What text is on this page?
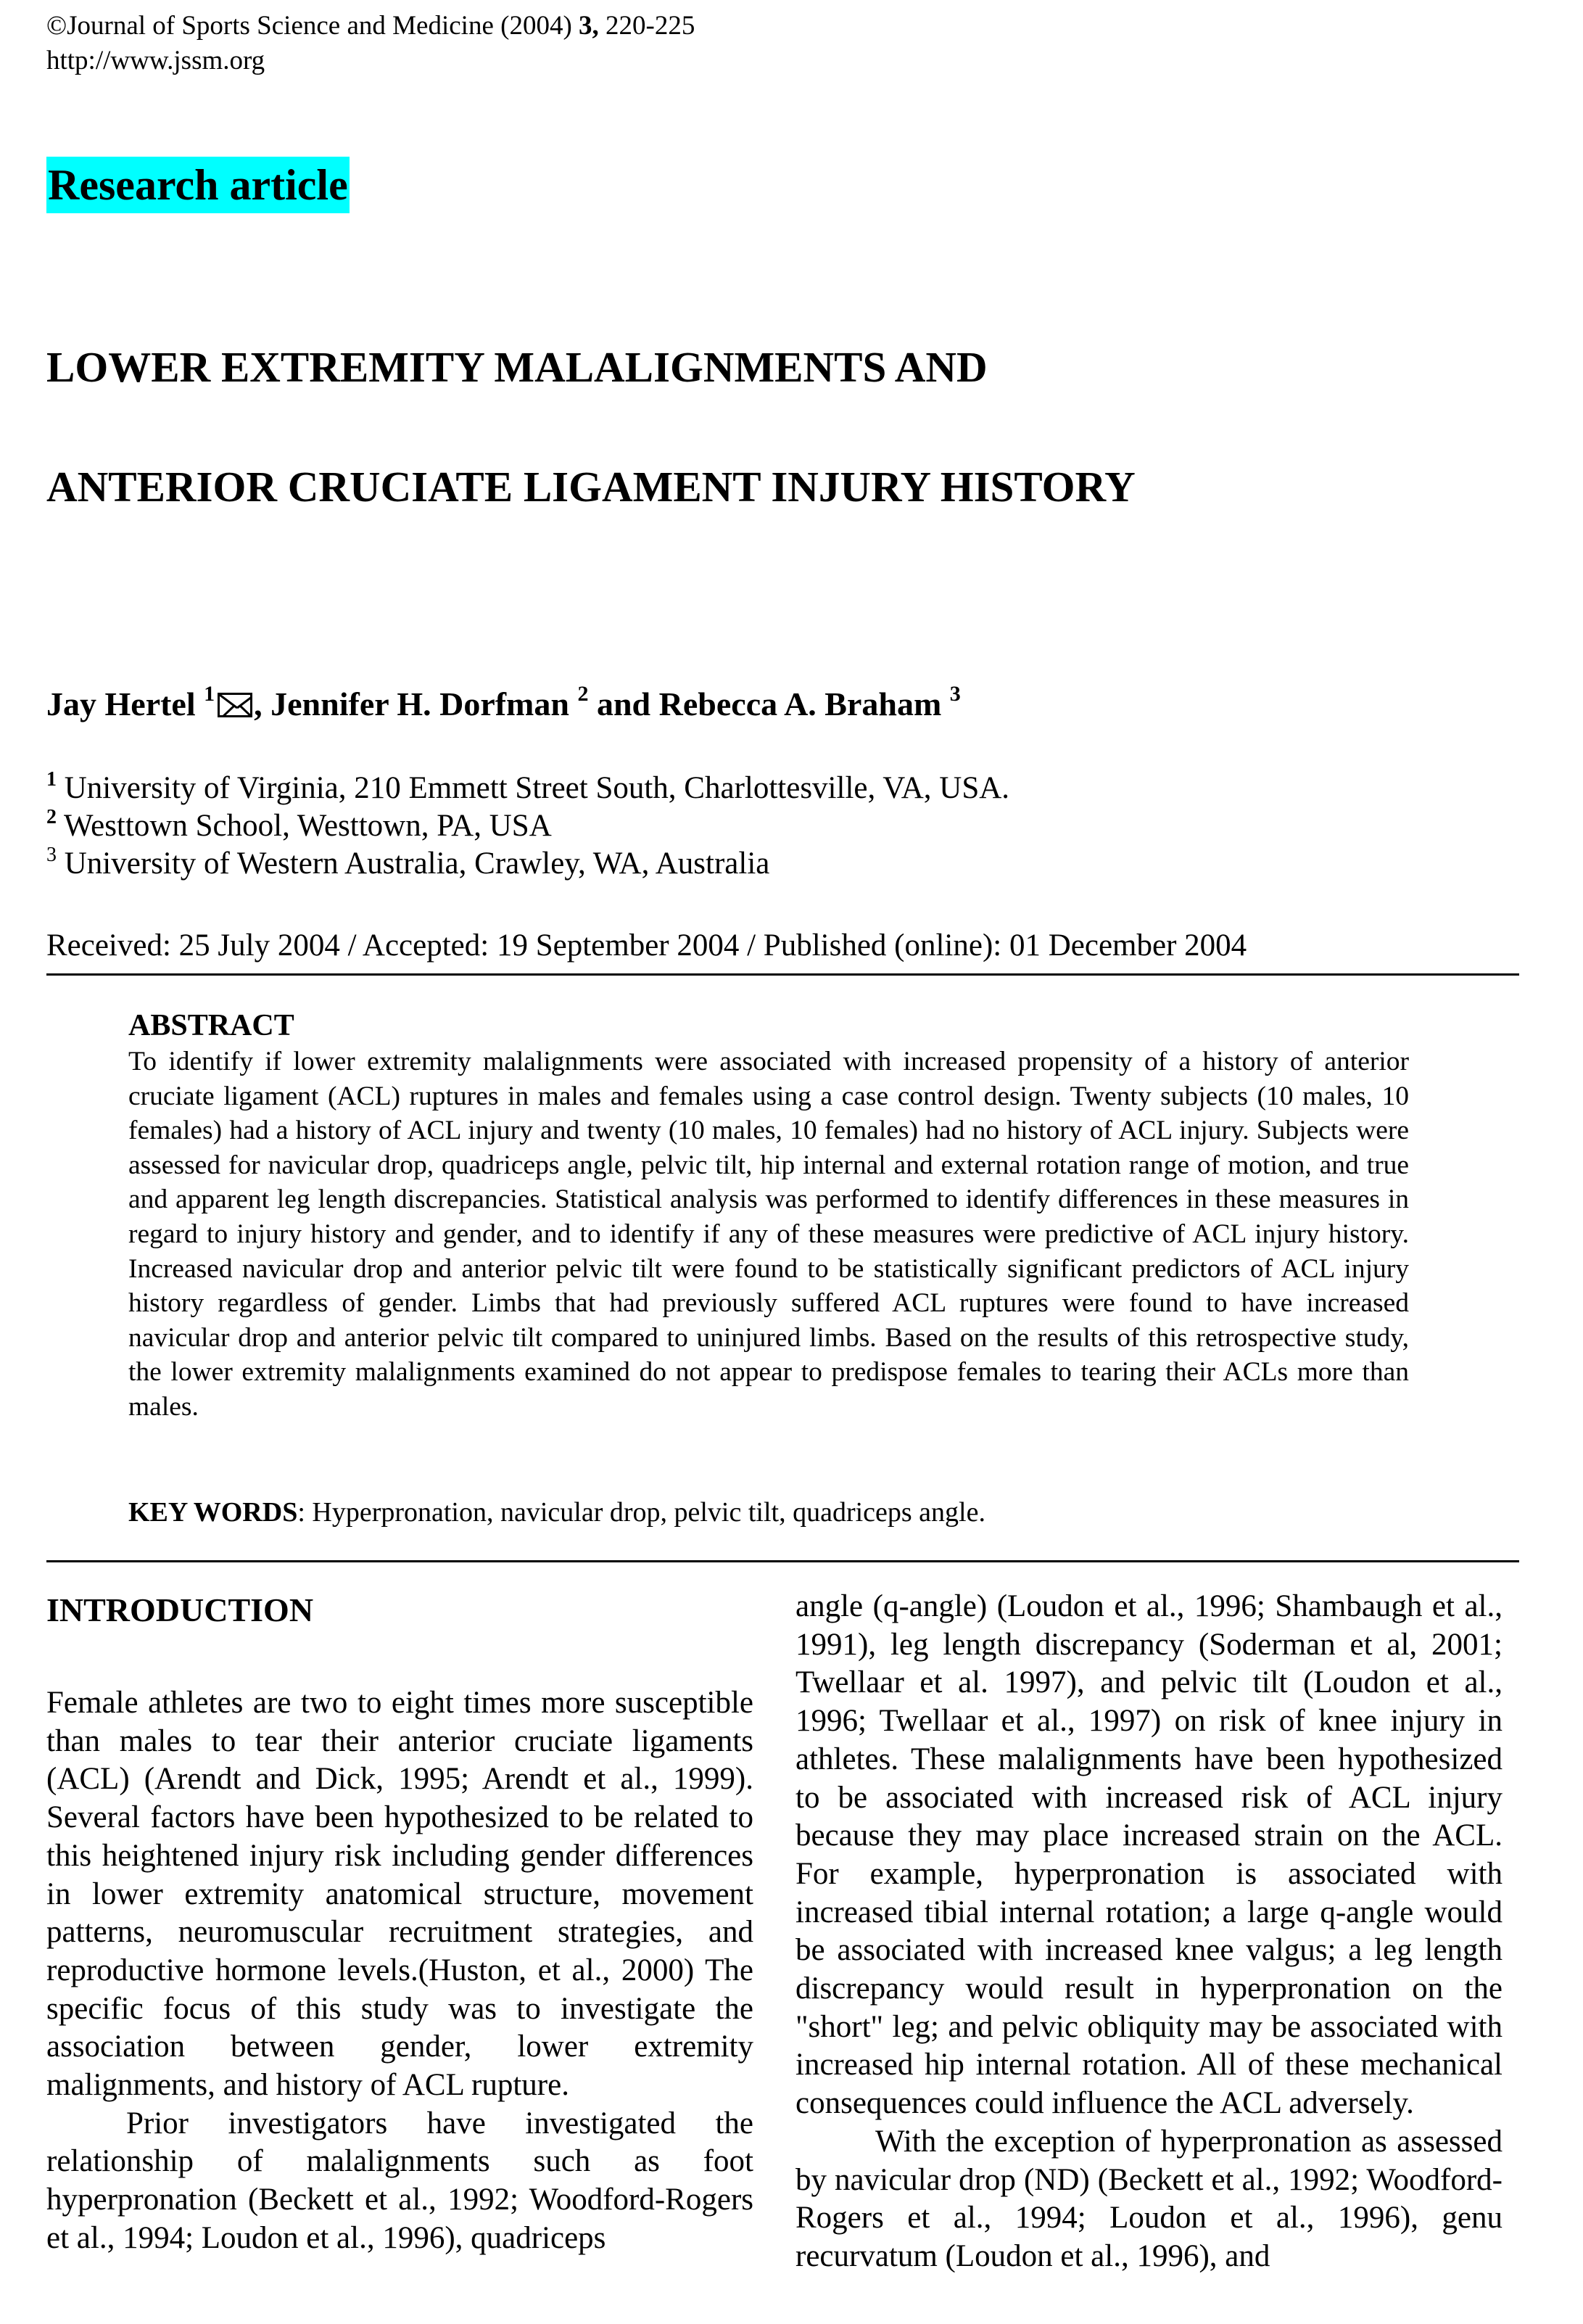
©Journal of Sports Science and Medicine (2004) 3, 220-225
http://www.jssm.org
Research article
LOWER EXTREMITY MALALIGNMENTS AND
ANTERIOR CRUCIATE LIGAMENT INJURY HISTORY
Jay Hertel $^1$ , Jennifer H. Dorfman $^2$ and Rebecca A. Braham $^3$
$^1$ University of Virginia, 210 Emmett Street South, Charlottesville, VA, USA.
$^2$ Westtown School, Westtown, PA, USA
$^3$ University of Western Australia, Crawley, WA, Australia
Received: 25 July 2004 / Accepted: 19 September 2004 / Published (online): 01 December 2004
ABSTRACT

To identify if lower extremity malalignments were associated with increased propensity of a history of anterior cruciate ligament (ACL) ruptures in males and females using a case control design. Twenty subjects (10 males, 10 females) had a history of ACL injury and twenty (10 males, 10 females) had no history of ACL injury. Subjects were assessed for navicular drop, quadriceps angle, pelvic tilt, hip internal and external rotation range of motion, and true and apparent leg length discrepancies. Statistical analysis was performed to identify differences in these measures in regard to injury history and gender, and to identify if any of these measures were predictive of ACL injury history. Increased navicular drop and anterior pelvic tilt were found to be statistically significant predictors of ACL injury history regardless of gender. Limbs that had previously suffered ACL ruptures were found to have increased navicular drop and anterior pelvic tilt compared to uninjured limbs. Based on the results of this retrospective study, the lower extremity malalignments examined do not appear to predispose females to tearing their ACLs more than males.

KEY WORDS: Hyperpronation, navicular drop, pelvic tilt, quadriceps angle.
INTRODUCTION

Female athletes are two to eight times more susceptible than males to tear their anterior cruciate ligaments (ACL) (Arendt and Dick, 1995; Arendt et al., 1999). Several factors have been hypothesized to be related to this heightened injury risk including gender differences in lower extremity anatomical structure, movement patterns, neuromuscular recruitment strategies, and reproductive hormone levels.(Huston, et al., 2000) The specific focus of this study was to investigate the association between gender, lower extremity malignments, and history of ACL rupture.

Prior investigators have investigated the relationship of malalignments such as foot hyperpronation (Beckett et al., 1992; Woodford-Rogers et al., 1994; Loudon et al., 1996), quadriceps

angle (q-angle) (Loudon et al., 1996; Shambaugh et al., 1991), leg length discrepancy (Soderman et al, 2001; Twellaar et al. 1997), and pelvic tilt (Loudon et al., 1996; Twellaar et al., 1997) on risk of knee injury in athletes. These malalignments have been hypothesized to be associated with increased risk of ACL injury because they may place increased strain on the ACL. For example, hyperpronation is associated with increased tibial internal rotation; a large q-angle would be associated with increased knee valgus; a leg length discrepancy would result in hyperpronation on the "short" leg; and pelvic obliquity may be associated with increased hip internal rotation. All of these mechanical consequences could influence the ACL adversely.

With the exception of hyperpronation as assessed by navicular drop (ND) (Beckett et al., 1992; Woodford-Rogers et al., 1994; Loudon et al., 1996), genu recurvatum (Loudon et al., 1996), and
